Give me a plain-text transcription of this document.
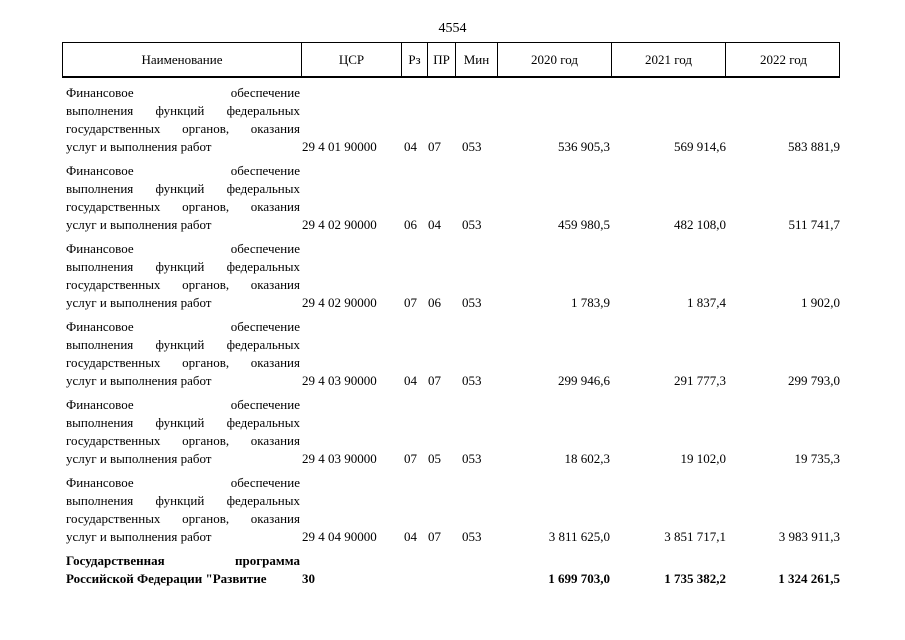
4554
Наименование	ЦСР	Рз ПР	Мин	2020 год	2021 год	2022 год
Финансовое обеспечение
выполнения функций федеральных
государственных органов, оказания
услуг и выполнения работ	29 4 01 90000	04 07	053	536 905,3	569 914,6	583 881,9
Финансовое обеспечение
выполнения функций федеральных
государственных органов, оказания
услуг и выполнения работ	29 4 02 90000	06 04	053	459 980,5	482 108,0	511 741,7
Финансовое обеспечение
выполнения функций федеральных
государственных органов, оказания
услуг и выполнения работ	29 4 02 90000	07 06	053	1 783,9	1 837,4	1 902,0
Финансовое обеспечение
выполнения функций федеральных
государственных органов, оказания
услуг и выполнения работ	29 4 03 90000	04 07	053	299 946,6	291 777,3	299 793,0
Финансовое обеспечение
выполнения функций федеральных
государственных органов, оказания
услуг и выполнения работ	29 4 03 90000	07 05	053	18 602,3	19 102,0	19 735,3
Финансовое обеспечение
выполнения функций федеральных
государственных органов, оказания
услуг и выполнения работ	29 4 04 90000	04 07	053	3 811 625,0	3 851 717,1	3 983 911,3
Государственная программа
Российской Федерации "Развитие	30	1 699 703,0	1 735 382,2	1 324 261,5
